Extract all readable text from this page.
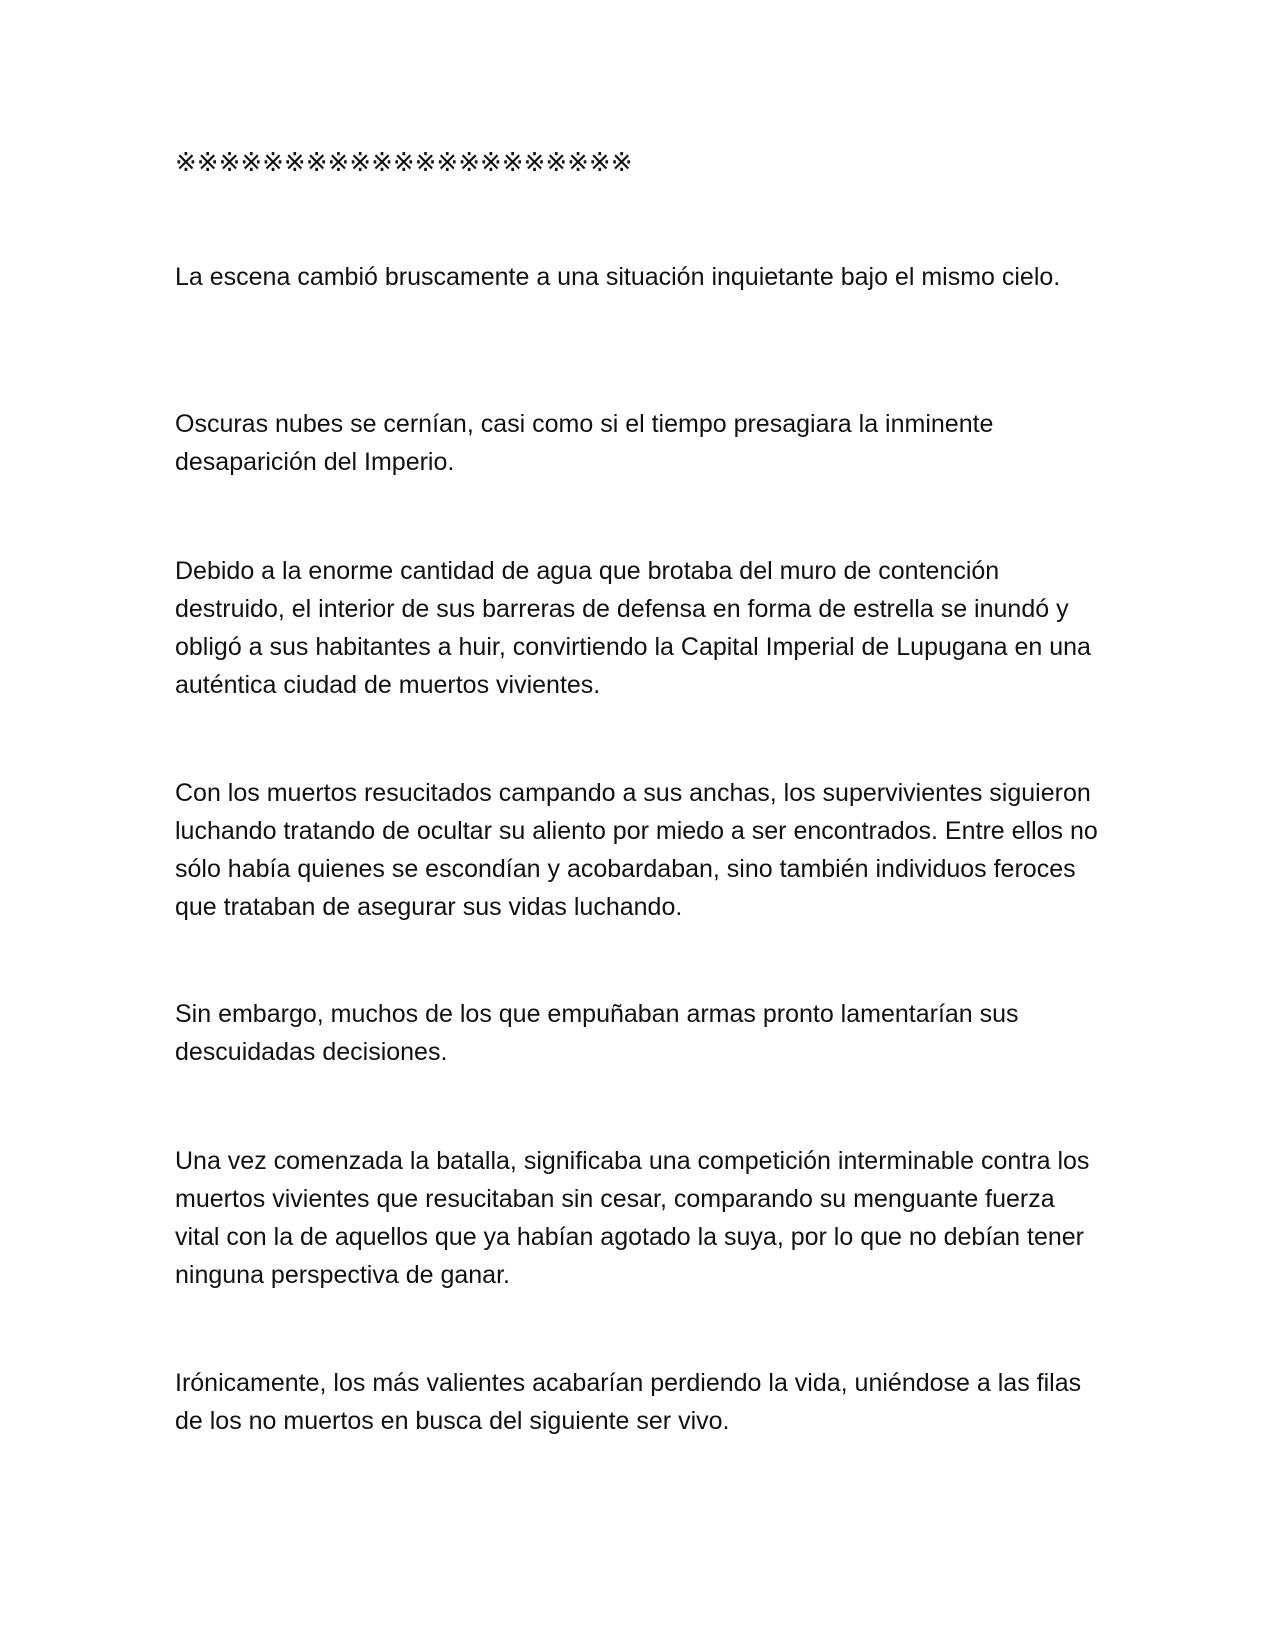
※※※※※※※※※※※※※※※※※※※※※

La escena cambió bruscamente a una situación inquietante bajo el mismo cielo.

Oscuras nubes se cernían, casi como si el tiempo presagiara la inminente desaparición del Imperio.

Debido a la enorme cantidad de agua que brotaba del muro de contención destruido, el interior de sus barreras de defensa en forma de estrella se inundó y obligó a sus habitantes a huir, convirtiendo la Capital Imperial de Lupugana en una auténtica ciudad de muertos vivientes.

Con los muertos resucitados campando a sus anchas, los supervivientes siguieron luchando tratando de ocultar su aliento por miedo a ser encontrados. Entre ellos no sólo había quienes se escondían y acobardaban, sino también individuos feroces que trataban de asegurar sus vidas luchando.

Sin embargo, muchos de los que empuñaban armas pronto lamentarían sus descuidadas decisiones.

Una vez comenzada la batalla, significaba una competición interminable contra los muertos vivientes que resucitaban sin cesar, comparando su menguante fuerza vital con la de aquellos que ya habían agotado la suya, por lo que no debían tener ninguna perspectiva de ganar.

Irónicamente, los más valientes acabarían perdiendo la vida, uniéndose a las filas de los no muertos en busca del siguiente ser vivo.
